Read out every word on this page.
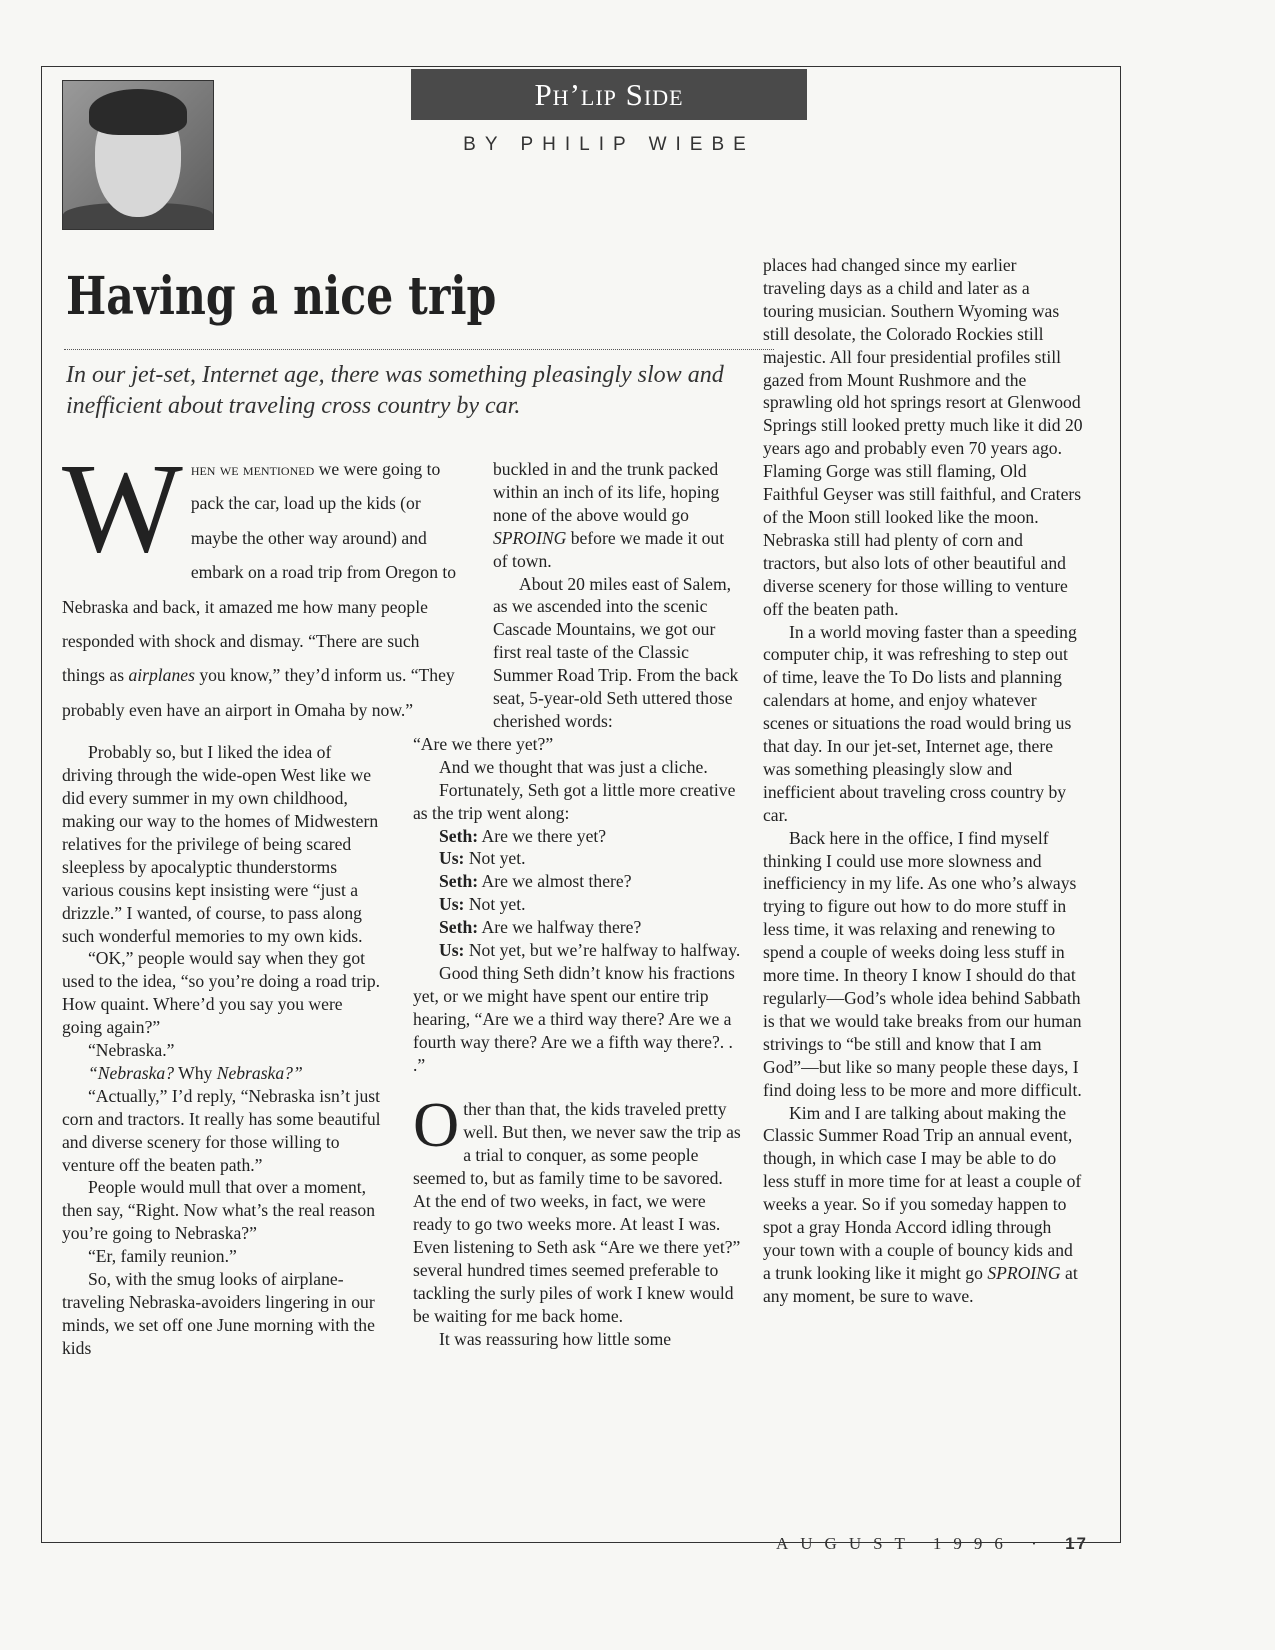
Ph’lip Side
BY PHILIP WIEBE
Having a nice trip
In our jet-set, Internet age, there was something pleasingly slow and inefficient about traveling cross country by car.

When we mentioned we were going to pack the car, load up the kids (or maybe the other way around) and embark on a road trip from Oregon to Nebraska and back, it amazed me how many people responded with shock and dismay. “There are such things as airplanes you know,” they’d inform us. “They probably even have an airport in Omaha by now.”

Probably so, but I liked the idea of driving through the wide-open West like we did every summer in my own childhood, making our way to the homes of Midwestern relatives for the privilege of being scared sleepless by apocalyptic thunderstorms various cousins kept insisting were “just a drizzle.” I wanted, of course, to pass along such wonderful memories to my own kids.

“OK,” people would say when they got used to the idea, “so you’re doing a road trip. How quaint. Where’d you say you were going again?”

“Nebraska.”

“Nebraska? Why Nebraska?”

“Actually,” I’d reply, “Nebraska isn’t just corn and tractors. It really has some beautiful and diverse scenery for those willing to venture off the beaten path.”

People would mull that over a moment, then say, “Right. Now what’s the real reason you’re going to Nebraska?”

“Er, family reunion.”

So, with the smug looks of airplane-traveling Nebraska-avoiders lingering in our minds, we set off one June morning with the kids

buckled in and the trunk packed within an inch of its life, hoping none of the above would go SPROING before we made it out of town.

About 20 miles east of Salem, as we ascended into the scenic Cascade Mountains, we got our first real taste of the Classic Summer Road Trip. From the back seat, 5-year-old Seth uttered those cherished words:

“Are we there yet?”

And we thought that was just a cliche.

Fortunately, Seth got a little more creative as the trip went along:

Seth: Are we there yet?

Us: Not yet.

Seth: Are we almost there?

Us: Not yet.

Seth: Are we halfway there?

Us: Not yet, but we’re halfway to halfway.

Good thing Seth didn’t know his fractions yet, or we might have spent our entire trip hearing, “Are we a third way there? Are we a fourth way there? Are we a fifth way there?. . .”

Other than that, the kids traveled pretty well. But then, we never saw the trip as a trial to conquer, as some people seemed to, but as family time to be savored. At the end of two weeks, in fact, we were ready to go two weeks more. At least I was. Even listening to Seth ask “Are we there yet?” several hundred times seemed preferable to tackling the surly piles of work I knew would be waiting for me back home.

It was reassuring how little some

places had changed since my earlier traveling days as a child and later as a touring musician. Southern Wyoming was still desolate, the Colorado Rockies still majestic. All four presidential profiles still gazed from Mount Rushmore and the sprawling old hot springs resort at Glenwood Springs still looked pretty much like it did 20 years ago and probably even 70 years ago. Flaming Gorge was still flaming, Old Faithful Geyser was still faithful, and Craters of the Moon still looked like the moon. Nebraska still had plenty of corn and tractors, but also lots of other beautiful and diverse scenery for those willing to venture off the beaten path.

In a world moving faster than a speeding computer chip, it was refreshing to step out of time, leave the To Do lists and planning calendars at home, and enjoy whatever scenes or situations the road would bring us that day. In our jet-set, Internet age, there was something pleasingly slow and inefficient about traveling cross country by car.

Back here in the office, I find myself thinking I could use more slowness and inefficiency in my life. As one who’s always trying to figure out how to do more stuff in less time, it was relaxing and renewing to spend a couple of weeks doing less stuff in more time. In theory I know I should do that regularly—God’s whole idea behind Sabbath is that we would take breaks from our human strivings to “be still and know that I am God”—but like so many people these days, I find doing less to be more and more difficult.

Kim and I are talking about making the Classic Summer Road Trip an annual event, though, in which case I may be able to do less stuff in more time for at least a couple of weeks a year. So if you someday happen to spot a gray Honda Accord idling through your town with a couple of bouncy kids and a trunk looking like it might go SPROING at any moment, be sure to wave.

AUGUST 1996 · 17
